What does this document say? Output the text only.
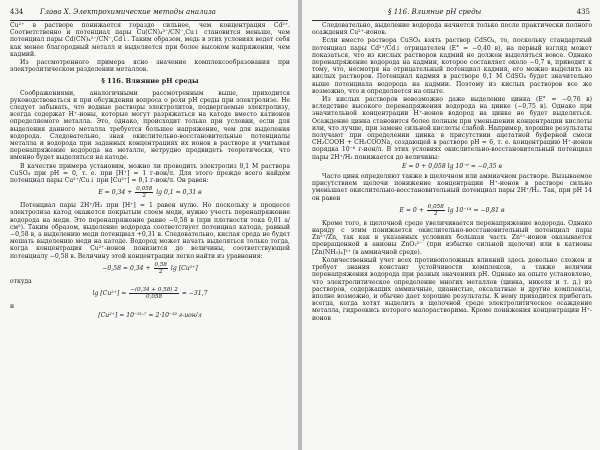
434 Глава X. Электрохимические методы анализа

Cu²⁺ в растворе понижается гораздо сильнее, чем концентрация Cd²⁺. Соответственно и потенциал пары Cu(CN)₄³⁻/CN⁻,Cu↓ становится меньше, чем потенциал пары Cd(CN)₄²⁻/CN⁻,Cd↓. Таким образом, медь в этих условиях ведет себя как менее благородный металл и выделяется при более высоком напряжении, чем кадмий.

Из рассмотренного примера ясно значение комплексообразования при электролитическом разделении металлов.

§ 116. Влияние pH среды

Соображениями, аналогичными рассмотренным выше, приходится руководствоваться и при обсуждении вопроса о роли pH среды при электролизе. Не следует забывать, что водные растворы электролитов, подвергаемые электролизу, всегда содержат H⁺-ионы, которые могут разряжаться на катоде вместо катионов определяемого металла. Это, однако, происходит только при условии, если для выделения данного металла требуется большее напряжение, чем для выделения водорода. Следовательно, зная окислительно-восстановительные потенциалы металла и водорода при заданных концентрациях их ионов в растворе и учитывая перенапряжение водорода на металле, нетрудно предвидеть теоретически, что именно будет выделяться на катоде.

В качестве примера установим, можно ли проводить электролиз 0,1 М раствора CuSO₄ при pH = 0, т. е. при [H⁺] = 1 г-ион/л. Для этого прежде всего найдем потенциал пары Cu²⁺/Cu↓ при [Cu²⁺] = 0,1 г-ион/л. Он равен:

$E = 0,34 + \frac{0,058}{2}$ lg 0,1 ≈ 0,31 в

Потенциал пары 2H⁺/H₂ при [H⁺] = 1 равен нулю. Но поскольку в процессе электролиза катод окажется покрытым слоем меди, нужно учесть перенапряжение водорода на меди. Это перенапряжение равно −0,58 в (при плотности тока 0,01 а/см²). Таким образом, выделение водорода соответствует потенциал катода, равный −0,58 в, а выделению меди потенциал +0,31 в. Следовательно, кислая среда не будет мешать выделению меди на катоде. Водород может начать выделяться только тогда, когда концентрация Cu²⁺-ионов понизится до величины, соответствующей потенциалу −0,58 в. Величину этой концентрации легко найти из уравнения:

$-0,58 = 0,34 + \frac{0,58}{2}$ lg [Cu²⁺]
откуда
$\lg [Cu^{2+}] = \frac{-(0,34 + 0,58) 2}{0,058} = -31,7$
и
[Cu²⁺] = 10⁻³¹·⁷ ≈ 2·10⁻³² г-ион/л
§ 116. Влияние pH среды	435

Следовательно, выделение водорода начнется только после практически полного осаждения Cu²⁺-ионов.

Если вместо раствора CuSO₄ взять раствор CdSO₄, то, поскольку стандартный потенциал пары Cd²⁺/Cd↓ отрицателен (E° = −0,40 в), на первый взгляд может показаться, что из кислых растворов кадмий не должен выделяться вовсе. Однако перенапряжение водорода на кадмии, которое составляет около −0,7 в, приводит к тому, что, несмотря на отрицательный потенциал кадмия, его можно выделить из кислых растворов. Потенциал кадмия в растворе 0,1 М CdSO₄ будет значительно выше потенциала водорода на кадмии. Поэтому из кислых растворов все же возможно, что и определяется на опыте.

Из кислых растворов невозможно даже выделение цинка (E° = −0,76 в) вследствие высокого перенапряжения водорода на цинке (−0,75 в). Однако при значительной концентрации H⁺-ионов водород на цинке не будет выделяться. Осаждение цинка становится более полным при уменьшении концентрации кислоты или, что лучше, при замене сильной кислоты слабой. Например, хорошие результаты получают при определении цинка в присутствии ацетатной буферной смеси CH₃COOH + CH₃COONa, создающей в растворе pH ≈ 6, т. е. концентрацию H⁺-ионов порядка 10⁻⁶ г-ион/л. В этих условиях окислительно-восстановительный потенциал пары 2H⁺/H₂ понижается до величины:

E = 0 + 0,058 lg 10⁻⁶ ≈ −0,35 в

Часто цинк определяют также в щелочном или аммиачном растворе. Вызываемое присутствием щелочи понижение концентрации H⁺-ионов в растворе сильно уменьшает окислительно-восстановительный потенциал пары 2H⁺/H₂. Так, при pH 14 он равен

$E = 0 + \frac{0,058}{2}$ lg 10⁻¹⁴ = −0,81 в

Кроме того, в щелочной среде увеличивается перенапряжение водорода. Однако наряду с этим понижается окислительно-восстановительный потенциал пары Zn²⁺/Zn, так как в указанных условиях большая часть Zn²⁺-ионов оказывается превращенной в анионы ZnO₂²⁻ (при избытке сильной щелочи) или в катионы [Zn(NH₃)₄]²⁺ (в аммиачной среде).

Количественный учет всех противоположных влияний здесь довольно сложен и требует знания констант устойчивости комплексов, а также величин перенапряжения водорода при разных значениях pH. Однако на опыте установлено, что электролитическое определение многих металлов (цинка, никеля и т. д.) из растворов, содержащих аммиачные, цианистые, оксалатные и другие комплексы, вполне возможно, и обычно дает хорошие результаты. К нему приходится прибегать всегда, когда хотят выделить в щелочной среде электролитическое осаждение металла, гидроокись которого малорастворима. Кроме понижения концентрации H⁺-ионов
